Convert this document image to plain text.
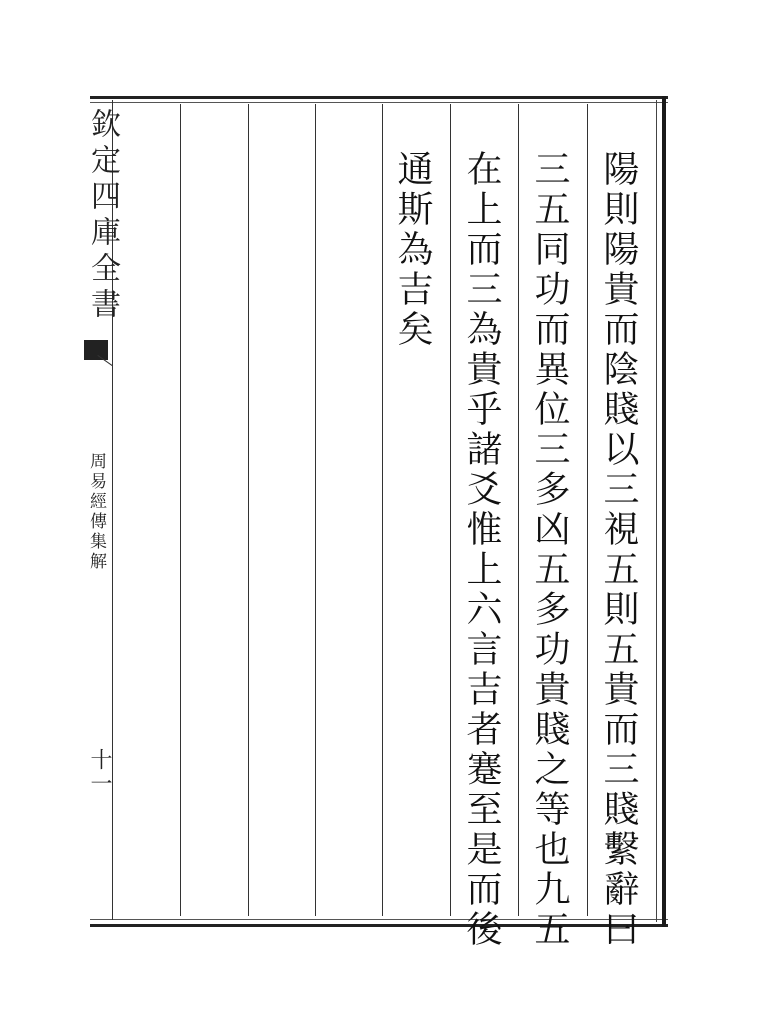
欽定四庫全書
周易經傳集解
十一	陽則陽貴而陰賤以三視五則五貴而三賤繫辭曰
三五同功而異位三多凶五多功貴賤之等也九五
在上而三為貴乎諸爻惟上六言吉者蹇至是而後
通斯為吉矣
